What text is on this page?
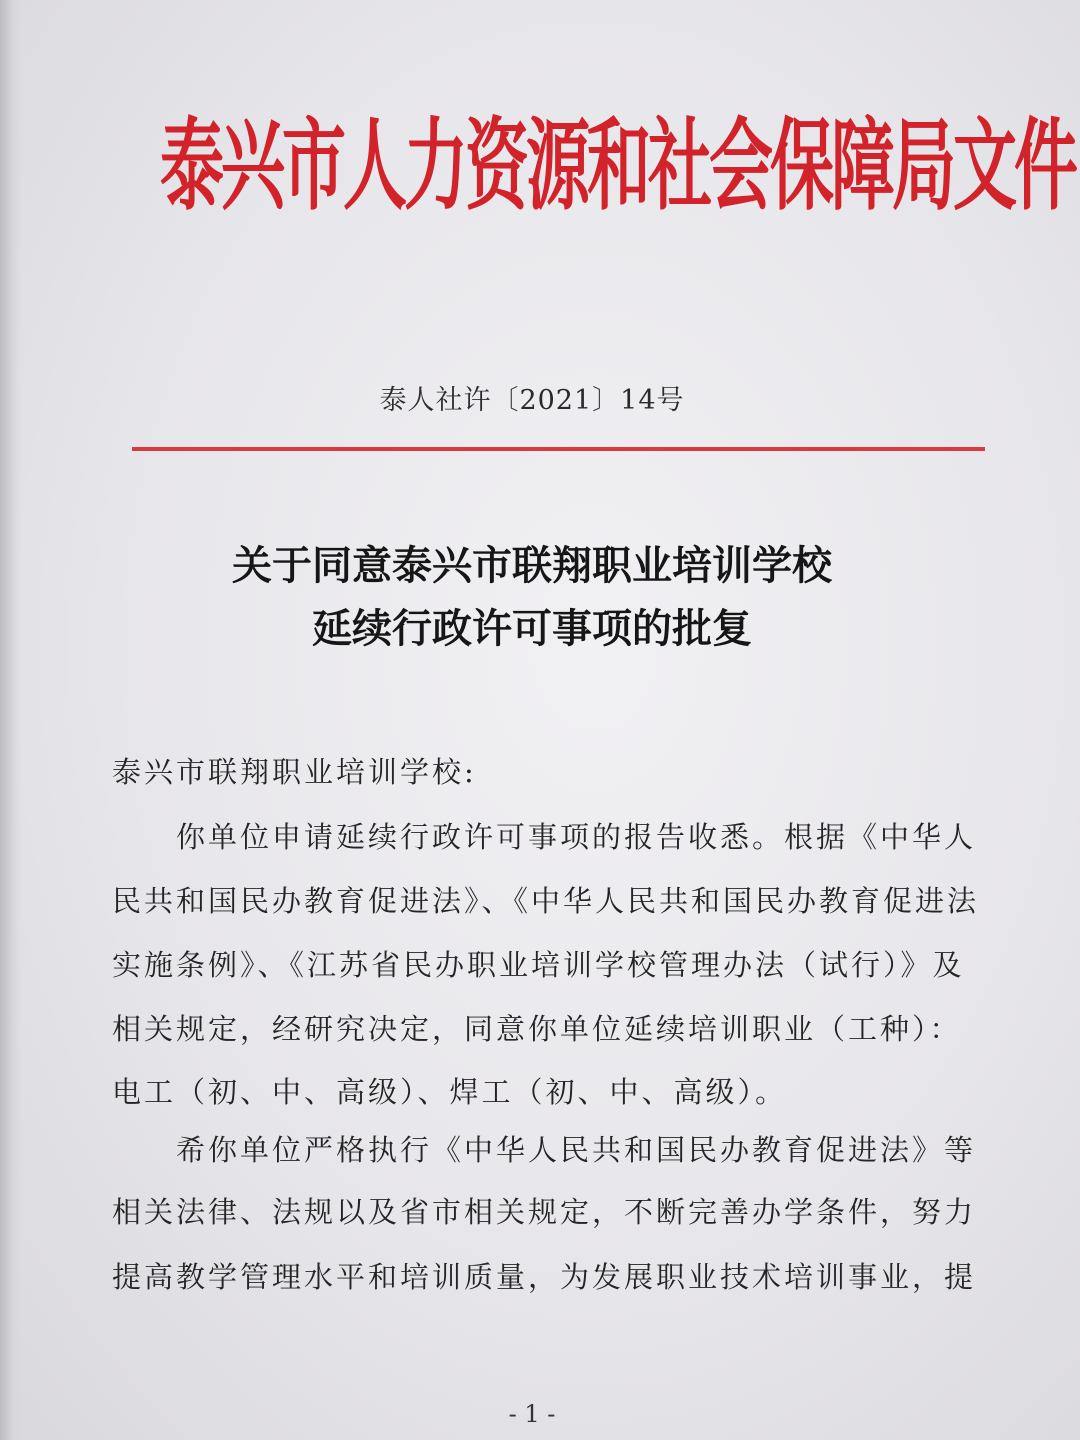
泰兴市人力资源和社会保障局文件
泰人社许〔2021〕14号
关于同意泰兴市联翔职业培训学校
延续行政许可事项的批复
泰兴市联翔职业培训学校:
　　你单位申请延续行政许可事项的报告收悉。根据《中华人
民共和国民办教育促进法》、《中华人民共和国民办教育促进法
实施条例》、《江苏省民办职业培训学校管理办法（试行）》及
相关规定，经研究决定，同意你单位延续培训职业（工种）：
电工（初、中、高级）、焊工（初、中、高级）。
　　希你单位严格执行《中华人民共和国民办教育促进法》等
相关法律、法规以及省市相关规定，不断完善办学条件，努力
提高教学管理水平和培训质量，为发展职业技术培训事业，提
- 1 -
